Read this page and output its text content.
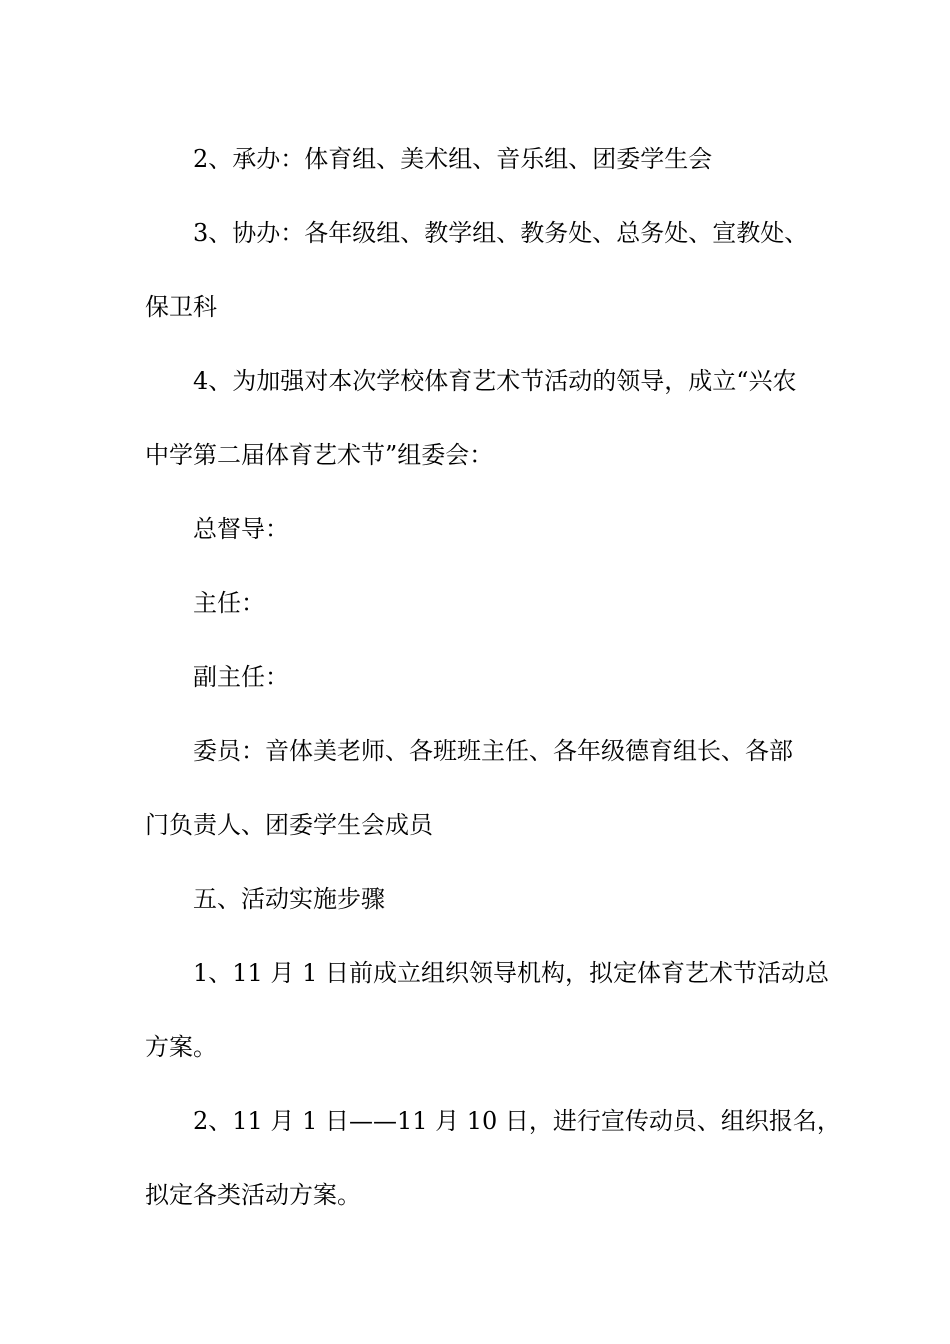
2、承办：体育组、美术组、音乐组、团委学生会

3、协办：各年级组、教学组、教务处、总务处、宣教处、
保卫科

4、为加强对本次学校体育艺术节活动的领导，成立“兴农
中学第二届体育艺术节”组委会：

总督导：

主任：

副主任：

委员：音体美老师、各班班主任、各年级德育组长、各部
门负责人、团委学生会成员

五、活动实施步骤

1、11 月 1 日前成立组织领导机构，拟定体育艺术节活动总
方案。

2、11 月 1 日——11 月 10 日，进行宣传动员、组织报名，
拟定各类活动方案。
